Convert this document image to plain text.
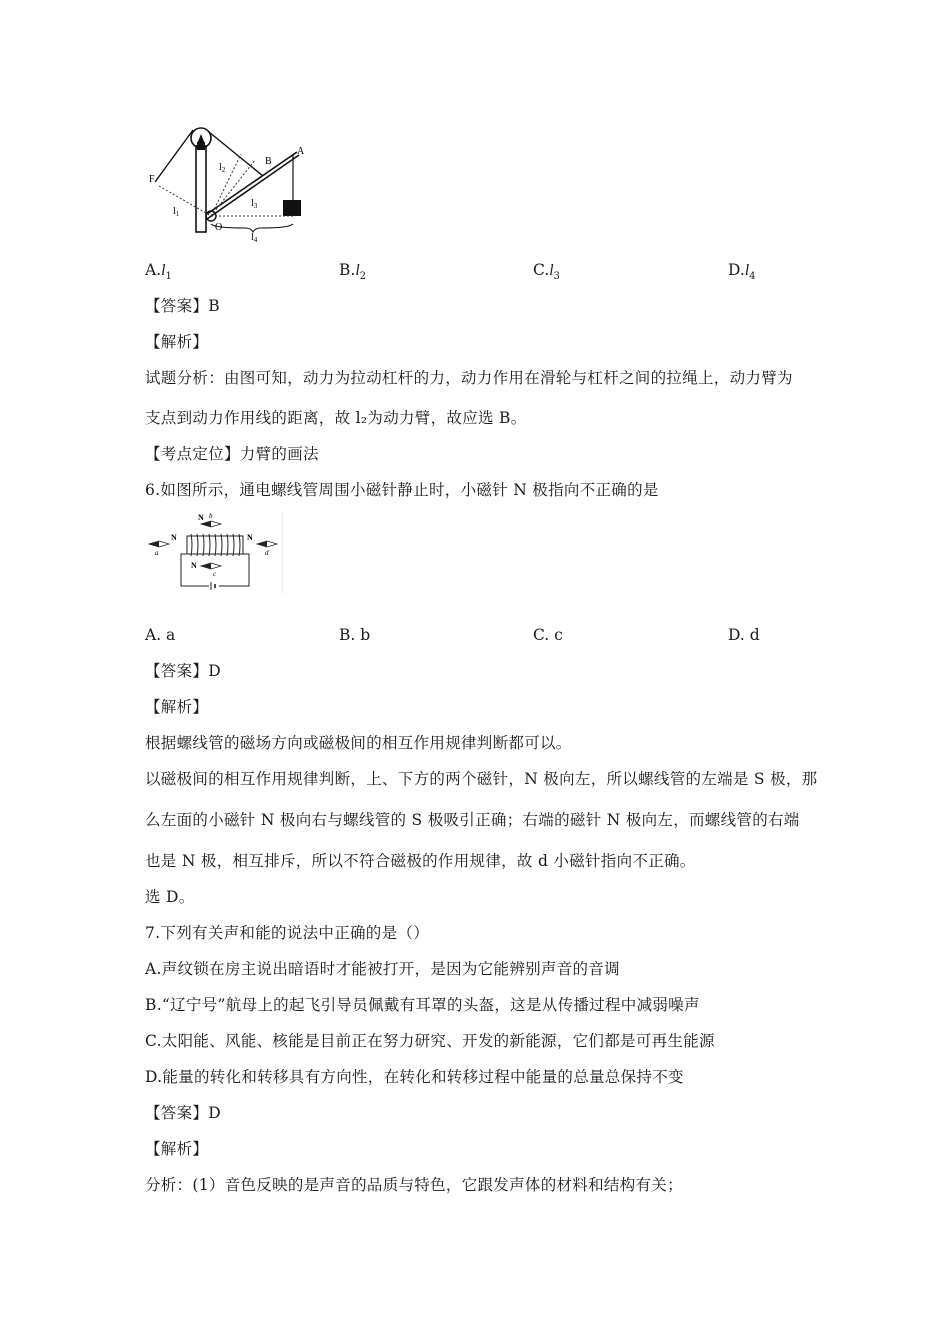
F
B
A
O
$l_1$
$l_2$
$l_3$
$l_4$
$A.l_1$	$B.l_2$	$C.l_3$	$D.l_4$
【答案】B
【解析】
试题分析：由图可知，动力为拉动杠杆的力，动力作用在滑轮与杠杆之间的拉绳上，动力臂为
支点到动力作用线的距离，故 l₂为动力臂，故应选 B。
【考点定位】力臂的画法
6.如图所示，通电螺线管周围小磁针静止时，小磁针 N 极指向不正确的是
N
a
N b
N
c
N
d
A. a	B. b	C. c	D. d
【答案】D
【解析】
根据螺线管的磁场方向或磁极间的相互作用规律判断都可以。
以磁极间的相互作用规律判断，上、下方的两个磁针，N 极向左，所以螺线管的左端是 S 极，那
么左面的小磁针 N 极向右与螺线管的 S 极吸引正确；右端的磁针 N 极向左，而螺线管的右端
也是 N 极，相互排斥，所以不符合磁极的作用规律，故 d 小磁针指向不正确。
选 D。
7.下列有关声和能的说法中正确的是（）
A.声纹锁在房主说出暗语时才能被打开，是因为它能辨别声音的音调
B.“辽宁号”航母上的起飞引导员佩戴有耳罩的头盔，这是从传播过程中减弱噪声
C.太阳能、风能、核能是目前正在努力研究、开发的新能源，它们都是可再生能源
D.能量的转化和转移具有方向性，在转化和转移过程中能量的总量总保持不变
【答案】D
【解析】
分析：(1）音色反映的是声音的品质与特色，它跟发声体的材料和结构有关；
